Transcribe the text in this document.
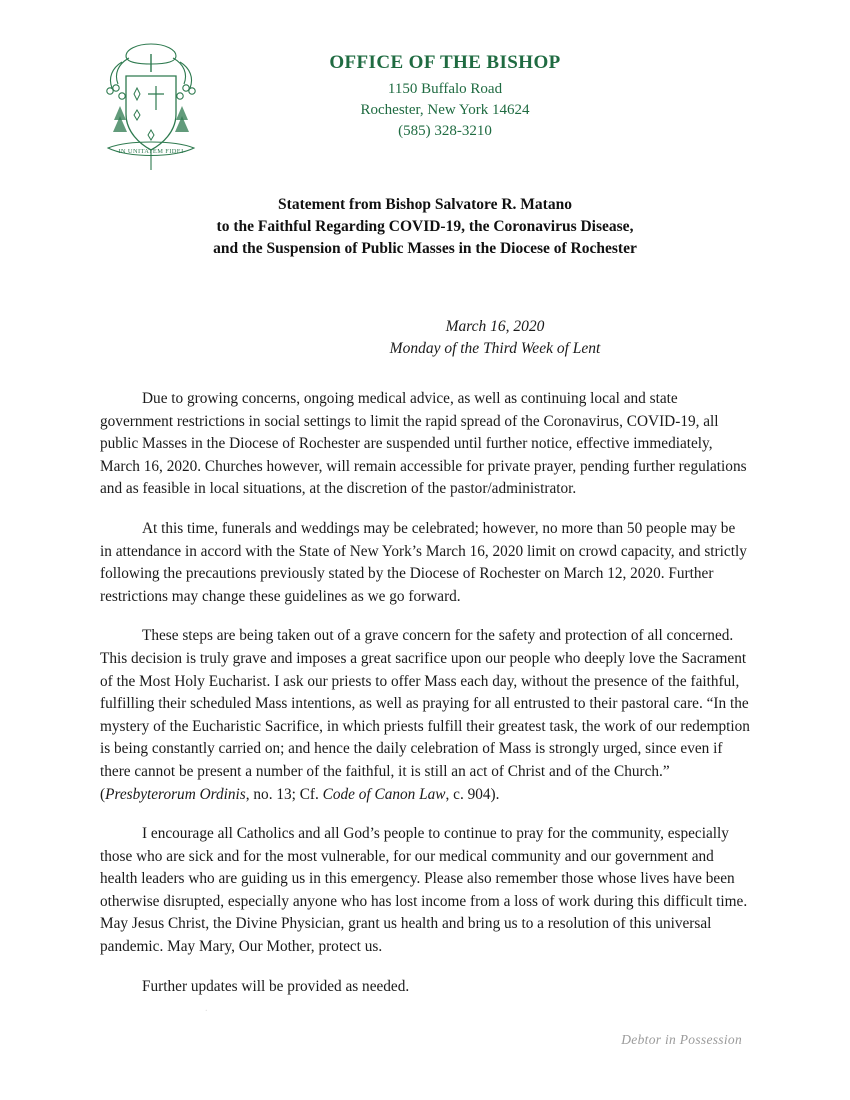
IN UNITATEM FIDEI
OFFICE OF THE BISHOP
1150 Buffalo Road
Rochester, New York 14624
(585) 328-3210
Statement from Bishop Salvatore R. Matano
to the Faithful Regarding COVID-19, the Coronavirus Disease,
and the Suspension of Public Masses in the Diocese of Rochester
March 16, 2020
Monday of the Third Week of Lent

Due to growing concerns, ongoing medical advice, as well as continuing local and state government restrictions in social settings to limit the rapid spread of the Coronavirus, COVID-19, all public Masses in the Diocese of Rochester are suspended until further notice, effective immediately, March 16, 2020. Churches however, will remain accessible for private prayer, pending further regulations and as feasible in local situations, at the discretion of the pastor/administrator.

At this time, funerals and weddings may be celebrated; however, no more than 50 people may be in attendance in accord with the State of New York’s March 16, 2020 limit on crowd capacity, and strictly following the precautions previously stated by the Diocese of Rochester on March 12, 2020. Further restrictions may change these guidelines as we go forward.

These steps are being taken out of a grave concern for the safety and protection of all concerned. This decision is truly grave and imposes a great sacrifice upon our people who deeply love the Sacrament of the Most Holy Eucharist. I ask our priests to offer Mass each day, without the presence of the faithful, fulfilling their scheduled Mass intentions, as well as praying for all entrusted to their pastoral care. “In the mystery of the Eucharistic Sacrifice, in which priests fulfill their greatest task, the work of our redemption is being constantly carried on; and hence the daily celebration of Mass is strongly urged, since even if there cannot be present a number of the faithful, it is still an act of Christ and of the Church.” (Presbyterorum Ordinis, no. 13; Cf. Code of Canon Law, c. 904).

I encourage all Catholics and all God’s people to continue to pray for the community, especially those who are sick and for the most vulnerable, for our medical community and our government and health leaders who are guiding us in this emergency. Please also remember those whose lives have been otherwise disrupted, especially anyone who has lost income from a loss of work during this difficult time. May Jesus Christ, the Divine Physician, grant us health and bring us to a resolution of this universal pandemic. May Mary, Our Mother, protect us.

Further updates will be provided as needed.

Debtor in Possession
.
